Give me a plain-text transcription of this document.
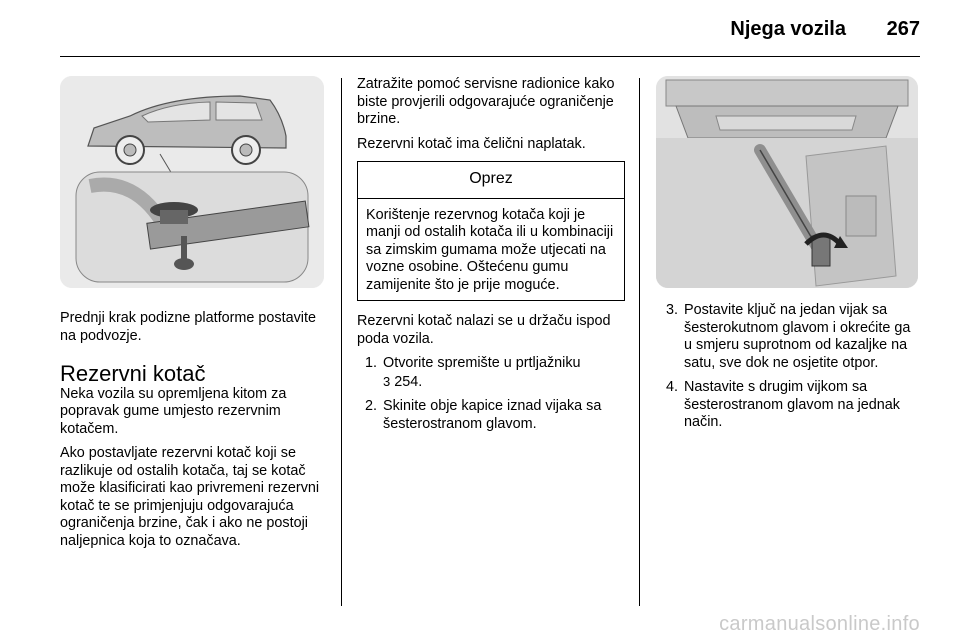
Njega vozila 267

Prednji krak podizne platforme postavite na podvozje.

Rezervni kotač

Neka vozila su opremljena kitom za popravak gume umjesto rezervnim kotačem.

Ako postavljate rezervni kotač koji se razlikuje od ostalih kotača, taj se kotač može klasificirati kao privremeni rezervni kotač te se primjenjuju odgovarajuća ograničenja brzine, čak i ako ne postoji naljepnica koja to označava.

Zatražite pomoć servisne radionice kako biste provjerili odgovarajuće ograničenje brzine.

Rezervni kotač ima čelični naplatak.

Oprez
Korištenje rezervnog kotača koji je manji od ostalih kotača ili u kombinaciji sa zimskim gumama može utjecati na vozne osobine. Oštećenu gumu zamijenite što je prije moguće.

Rezervni kotač nalazi se u držaču ispod poda vozila.

1. Otvorite spremište u prtljažniku
3 254.
2. Skinite obje kapice iznad vijaka sa šesterostranom glavom.
3. Postavite ključ na jedan vijak sa šesterokutnom glavom i okrećite ga u smjeru suprotnom od kazaljke na satu, sve dok ne osjetite otpor.
4. Nastavite s drugim vijkom sa šesterostranom glavom na jednak način.
carmanualsonline.info
